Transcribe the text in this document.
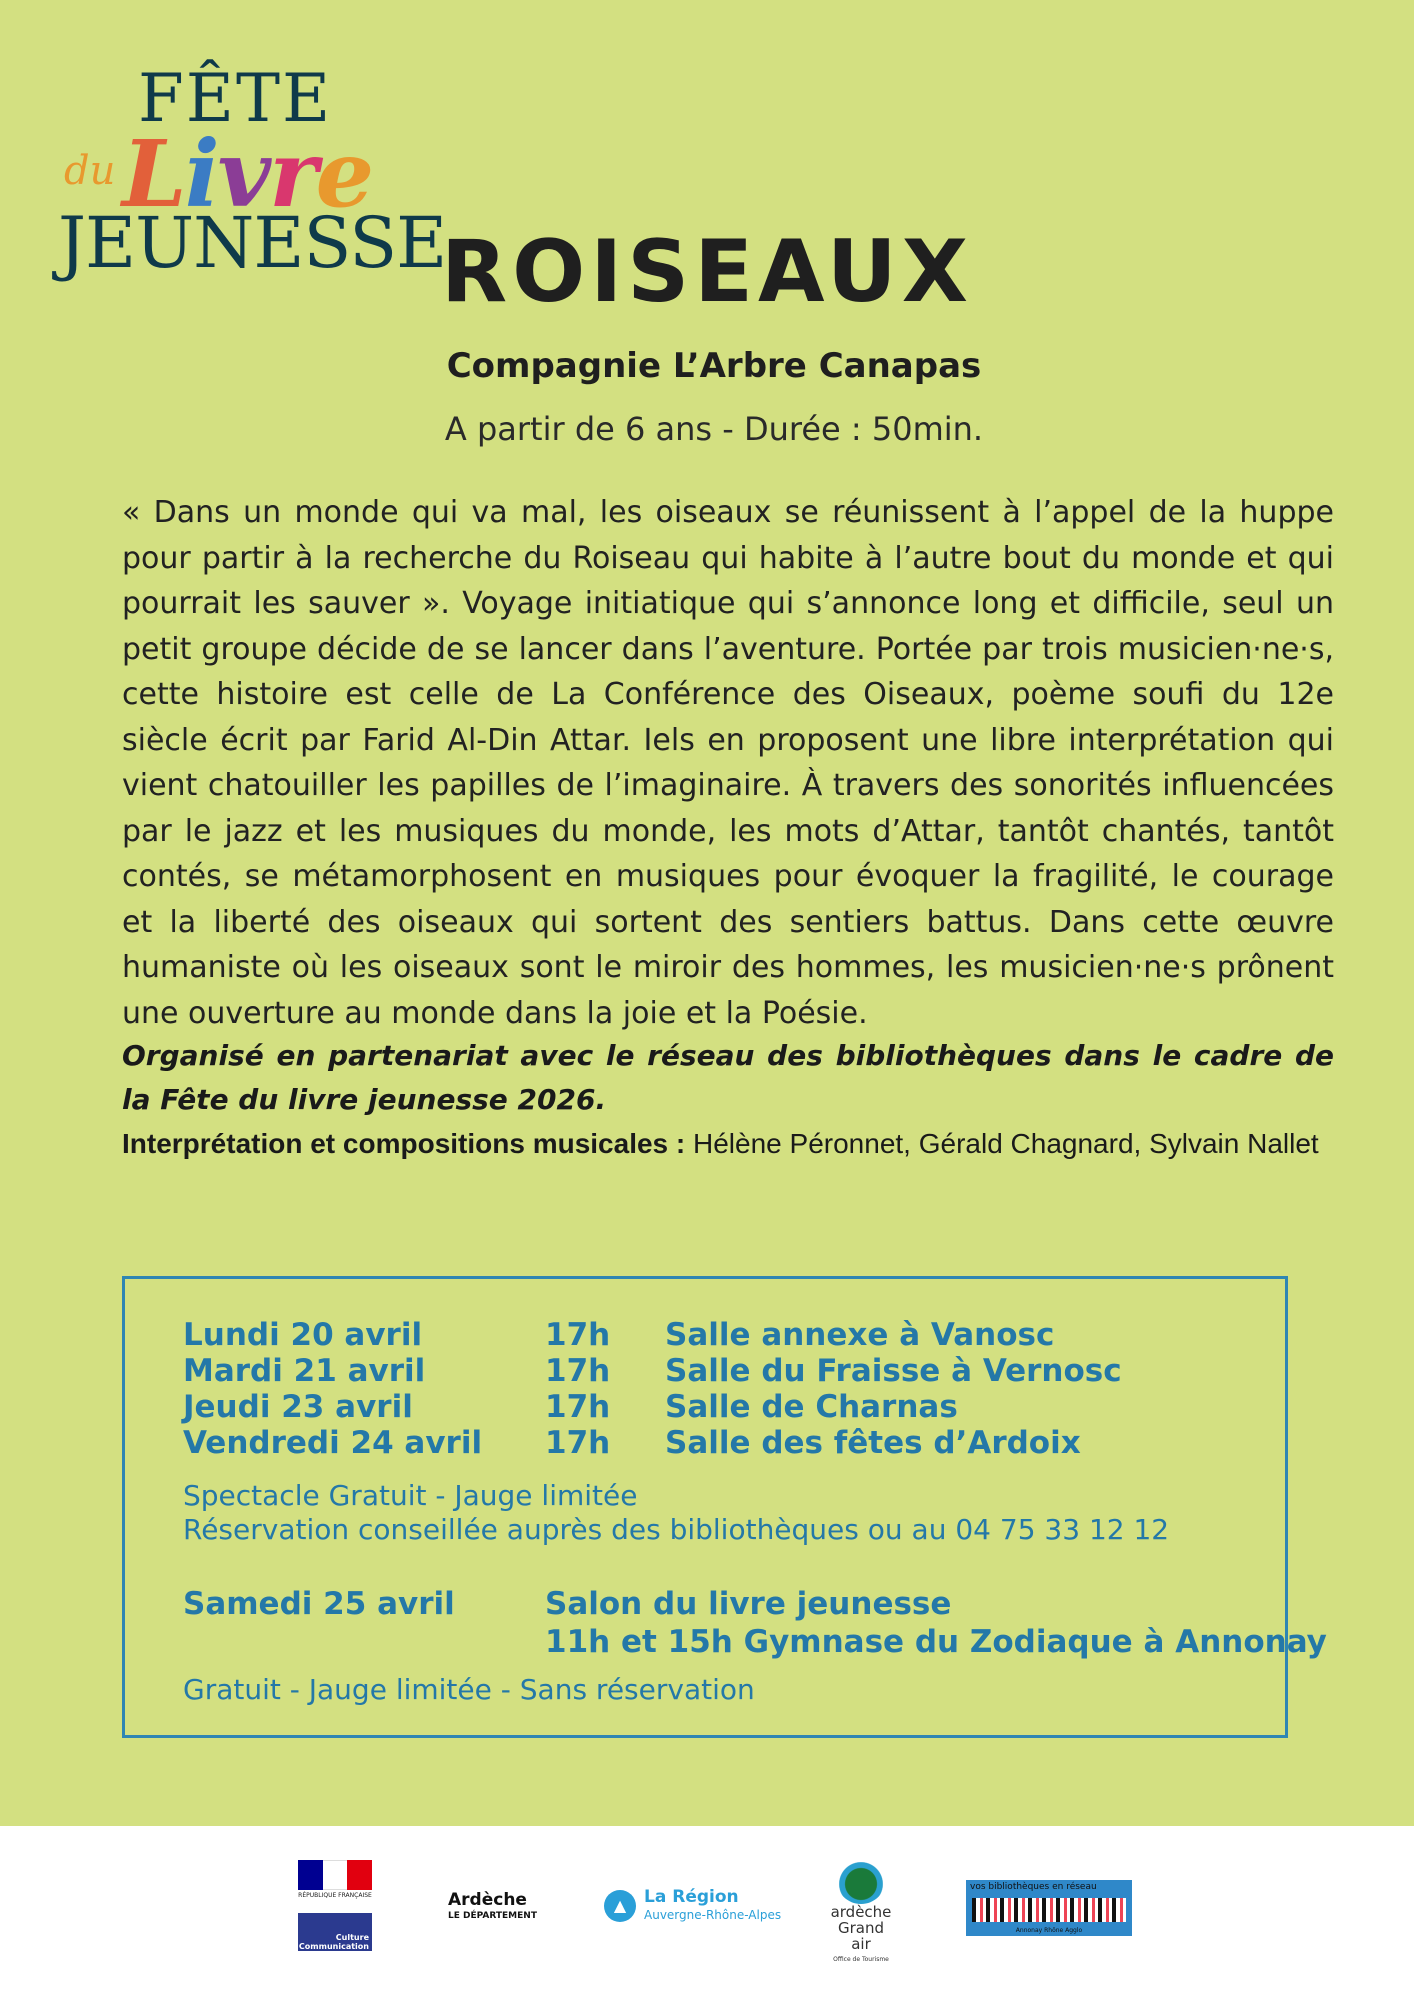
FÊTE
du Livre
JEUNESSE
ROISEAUX
Compagnie L’Arbre Canapas
A partir de 6 ans - Durée : 50min.

« Dans un monde qui va mal, les oiseaux se réunissent à l’appel de la huppe pour partir à la recherche du Roiseau qui habite à l’autre bout du monde et qui pourrait les sauver ». Voyage initiatique qui s’annonce long et difficile, seul un petit groupe décide de se lancer dans l’aventure. Portée par trois musicien·ne·s, cette histoire est celle de La Conférence des Oiseaux, poème soufi du 12e siècle écrit par Farid Al-Din Attar. Iels en proposent une libre interprétation qui vient chatouiller les papilles de l’imaginaire. À travers des sonorités influencées par le jazz et les musiques du monde, les mots d’Attar, tantôt chantés, tantôt contés, se métamorphosent en musiques pour évoquer la fragilité, le courage et la liberté des oiseaux qui sortent des sentiers battus. Dans cette œuvre humaniste où les oiseaux sont le miroir des hommes, les musicien·ne·s prônent une ouverture au monde dans la joie et la Poésie.

Organisé en partenariat avec le réseau des bibliothèques dans le cadre de la Fête du livre jeunesse 2026.

Interprétation et compositions musicales : Hélène Péronnet, Gérald Chagnard, Sylvain Nallet

Lundi 20 avril	17h Salle annexe à Vanosc
Mardi 21 avril	17h Salle du Fraisse à Vernosc
Jeudi 23 avril	17h Salle de Charnas
Vendredi 24 avril 17h Salle des fêtes d’Ardoix
Spectacle Gratuit - Jauge limitée
Réservation conseillée auprès des bibliothèques ou au 04 75 33 12 12
Samedi 25 avril	Salon du livre jeunesse
11h et 15h Gymnase du Zodiaque à Annonay
Gratuit - Jauge limitée - Sans réservation
RÉPUBLIQUE FRANÇAISE
Culture Communication
Ardèche
LE DÉPARTEMENT
▲	La Région
Auvergne-Rhône-Alpes	ardèche Grand air
Office de Tourisme
vos bibliothèques en réseau
Annonay Rhône Agglo
